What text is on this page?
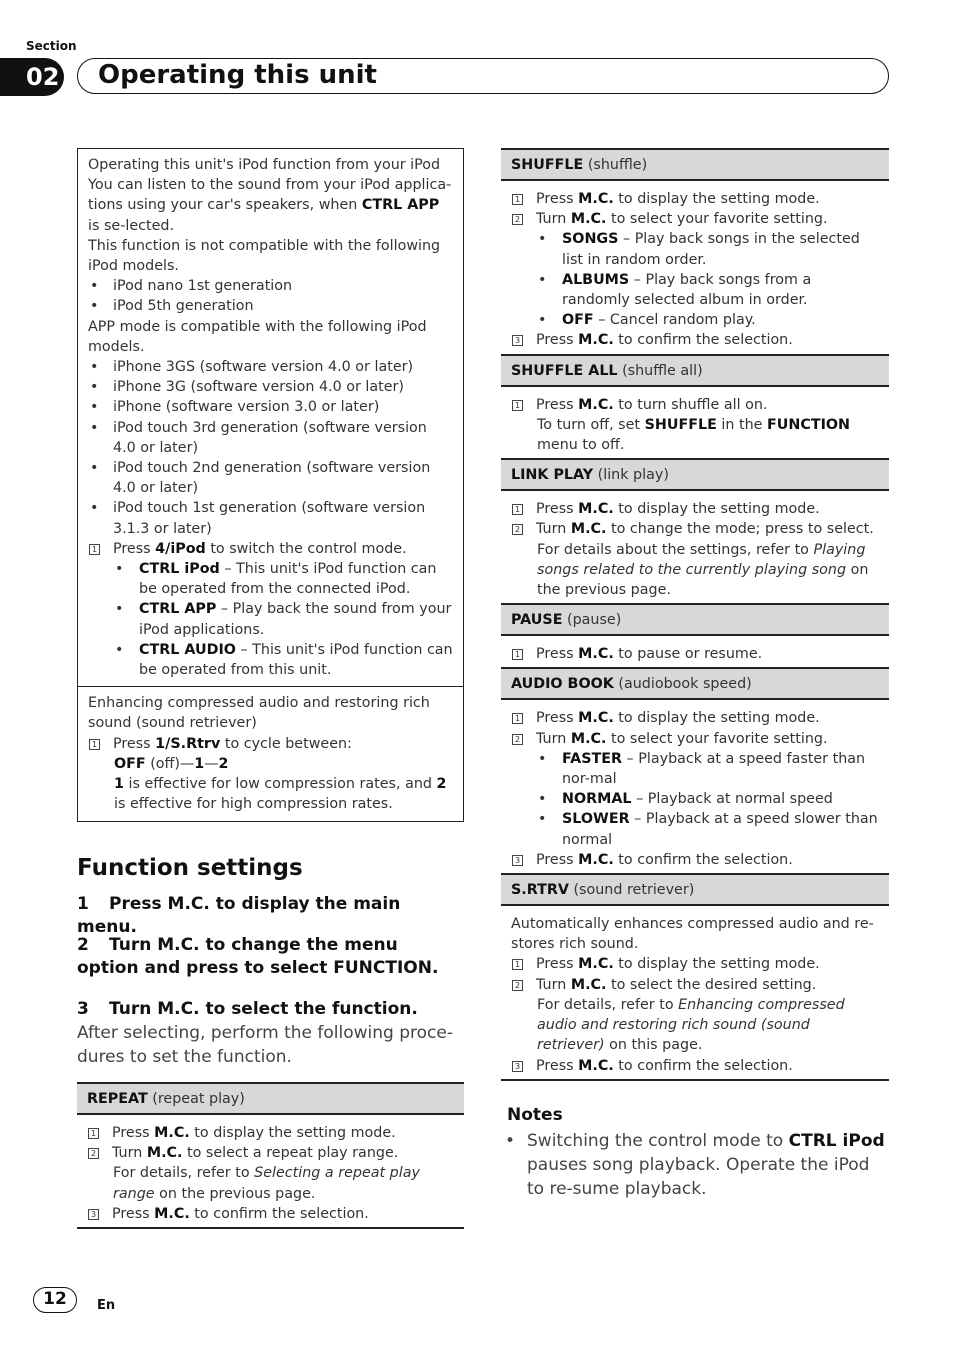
Section
02	Operating this unit
Operating this unit's iPod function from your iPod
You can listen to the sound from your iPod applica-tions using your car's speakers, when CTRL APP is se-lected.
This function is not compatible with the following iPod models.
•	iPod nano 1st generation
•	iPod 5th generation
APP mode is compatible with the following iPod models.
•	iPhone 3GS (software version 4.0 or later)
•	iPhone 3G (software version 4.0 or later)
•	iPhone (software version 3.0 or later)
•	iPod touch 3rd generation (software version 4.0 or later)
•	iPod touch 2nd generation (software version 4.0 or later)
•	iPod touch 1st generation (software version 3.1.3 or later)
1 Press 4/iPod to switch the control mode.
•	CTRL iPod – This unit's iPod function can be operated from the connected iPod.
•	CTRL APP – Play back the sound from your iPod applications.
•	CTRL AUDIO – This unit's iPod function can be operated from this unit.
Enhancing compressed audio and restoring rich sound (sound retriever)
1 Press 1/S.Rtrv to cycle between:
OFF (off)—1—2
1 is effective for low compression rates, and 2 is effective for high compression rates.
Function settings
1 Press M.C. to display the main menu.
2 Turn M.C. to change the menu option and press to select FUNCTION.
3 Turn M.C. to select the function.
After selecting, perform the following proce-dures to set the function.
REPEAT (repeat play)
1 Press M.C. to display the setting mode.
2 Turn M.C. to select a repeat play range.
For details, refer to Selecting a repeat play range on the previous page.
3 Press M.C. to confirm the selection.
SHUFFLE (shuffle)
1 Press M.C. to display the setting mode.
2 Turn M.C. to select your favorite setting.
•	SONGS – Play back songs in the selected list in random order.
•	ALBUMS – Play back songs from a randomly selected album in order.
•	OFF – Cancel random play.
3 Press M.C. to confirm the selection.
SHUFFLE ALL (shuffle all)
1 Press M.C. to turn shuffle all on.
To turn off, set SHUFFLE in the FUNCTION menu to off.
LINK PLAY (link play)
1 Press M.C. to display the setting mode.
2 Turn M.C. to change the mode; press to select.
For details about the settings, refer to Playing songs related to the currently playing song on the previous page.
PAUSE (pause)
1 Press M.C. to pause or resume.
AUDIO BOOK (audiobook speed)
1 Press M.C. to display the setting mode.
2 Turn M.C. to select your favorite setting.
•	FASTER – Playback at a speed faster than nor-mal
•	NORMAL – Playback at normal speed
•	SLOWER – Playback at a speed slower than normal
3 Press M.C. to confirm the selection.
S.RTRV (sound retriever)
Automatically enhances compressed audio and re-stores rich sound.
1 Press M.C. to display the setting mode.
2 Turn M.C. to select the desired setting.
For details, refer to Enhancing compressed audio and restoring rich sound (sound retriever) on this page.
3 Press M.C. to confirm the selection.
Notes
• Switching the control mode to CTRL iPod pauses song playback. Operate the iPod to re-sume playback.
12	En
